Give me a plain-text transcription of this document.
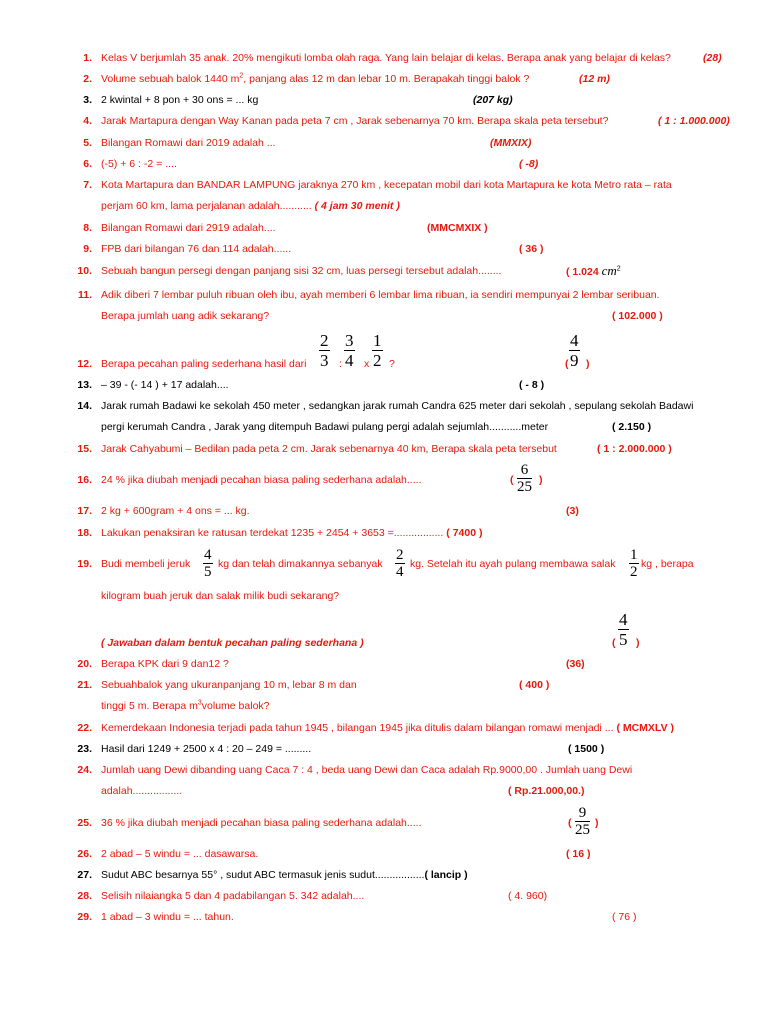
1. Kelas V berjumlah 35 anak. 20% mengikuti lomba olah raga. Yang lain belajar di kelas. Berapa anak yang belajar di kelas?	(28)
2. Volume sebuah balok 1440 $m^2$, panjang alas 12 m dan lebar 10 m. Berapakah tinggi balok ?	(12 m)
3. 2 kwintal + 8 pon + 30 ons = ... kg	(207 kg)
4. Jarak Martapura dengan Way Kanan pada peta 7 cm , Jarak sebenarnya 70 km. Berapa skala peta tersebut?	( 1 : 1.000.000)
5. Bilangan Romawi dari 2019 adalah ...	(MMXIX)
6. (-5) + 6 : -2 = ....	( -8)
7. Kota Martapura dan BANDAR LAMPUNG jaraknya 270 km , kecepatan mobil dari kota Martapura ke kota Metro rata – rata
perjam 60 km, lama perjalanan adalah........... ( 4 jam 30 menit )
8. Bilangan Romawi dari 2919 adalah....	(MMCMXIX )
9. FPB dari bilangan 76 dan 114 adalah......	( 36 )
10. Sebuah bangun persegi dengan panjang sisi 32 cm, luas persegi tersebut adalah........	( 1.024 $cm^2$
11. Adik diberi 7 lembar puluh ribuan oleh ibu, ayah memberi 6 lembar lima ribuan, ia sendiri mempunyai 2 lembar seribuan.
Berapa jumlah uang adik sekarang?	( 102.000 )
12. Berapa pecahan paling sederhana hasil dari	: x ?	( )
$\frac{2}{3} \frac{3}{4} \frac{1}{2}$	$\frac{4}{9}$
13. – 39 - (- 14 ) + 17 adalah....	( - 8 )
14. Jarak rumah Badawi ke sekolah 450 meter , sedangkan jarak rumah Candra 625 meter dari sekolah , sepulang sekolah Badawi
pergi kerumah Candra , Jarak yang ditempuh Badawi pulang pergi adalah sejumlah...........meter	( 2.150 )
15. Jarak Cahyabumi – Bedilan pada peta 2 cm. Jarak sebenarnya 40 km, Berapa skala peta tersebut	( 1 : 2.000.000 )
16. 24 % jika diubah menjadi pecahan biasa paling sederhana adalah.....	( )
$\frac{6}{25}$
17. 2 kg + 600gram + 4 ons = ... kg.	(3)
18. Lakukan penaksiran ke ratusan terdekat 1235 + 2454 + 3653 =................. ( 7400 )
19. Budi membeli jeruk	kg dan telah dimakannya sebanyak	kg. Setelah itu ayah pulang membawa salak kg , berapa
$\frac{4}{5}$	$\frac{2}{4}$	$\frac{1}{2}$
kilogram buah jeruk dan salak milik budi sekarang?
( Jawaban dalam bentuk pecahan paling sederhana )	( )
$\frac{4}{5}$
20. Berapa KPK dari 9 dan12 ?	(36)
21. Sebuahbalok yang ukuranpanjang 10 m, lebar 8 m dan	( 400 )
tinggi 5 m. Berapa $m^3volume$ balok?
22. Kemerdekaan Indonesia terjadi pada tahun 1945 , bilangan 1945 jika ditulis dalam bilangan romawi menjadi ... ( MCMXLV )
23. Hasil dari 1249 + 2500 x 4 : 20 – 249 = .........	( 1500 )
24. Jumlah uang Dewi dibanding uang Caca 7 : 4 , beda uang Dewi dan Caca adalah Rp.9000,00 . Jumlah uang Dewi
adalah.................	( Rp.21.000,00.)
25. 36 % jika diubah menjadi pecahan biasa paling sederhana adalah.....	( )
$\frac{9}{25}$
26. 2 abad – 5 windu = ... dasawarsa.	( 16 )
27. Sudut ABC besarnya 55° , sudut ABC termasuk jenis sudut.................( lancip )
28. Selisih nilaiangka 5 dan 4 padabilangan 5. 342 adalah....	( 4. 960)
29. 1 abad – 3 windu = ... tahun.	( 76 )
